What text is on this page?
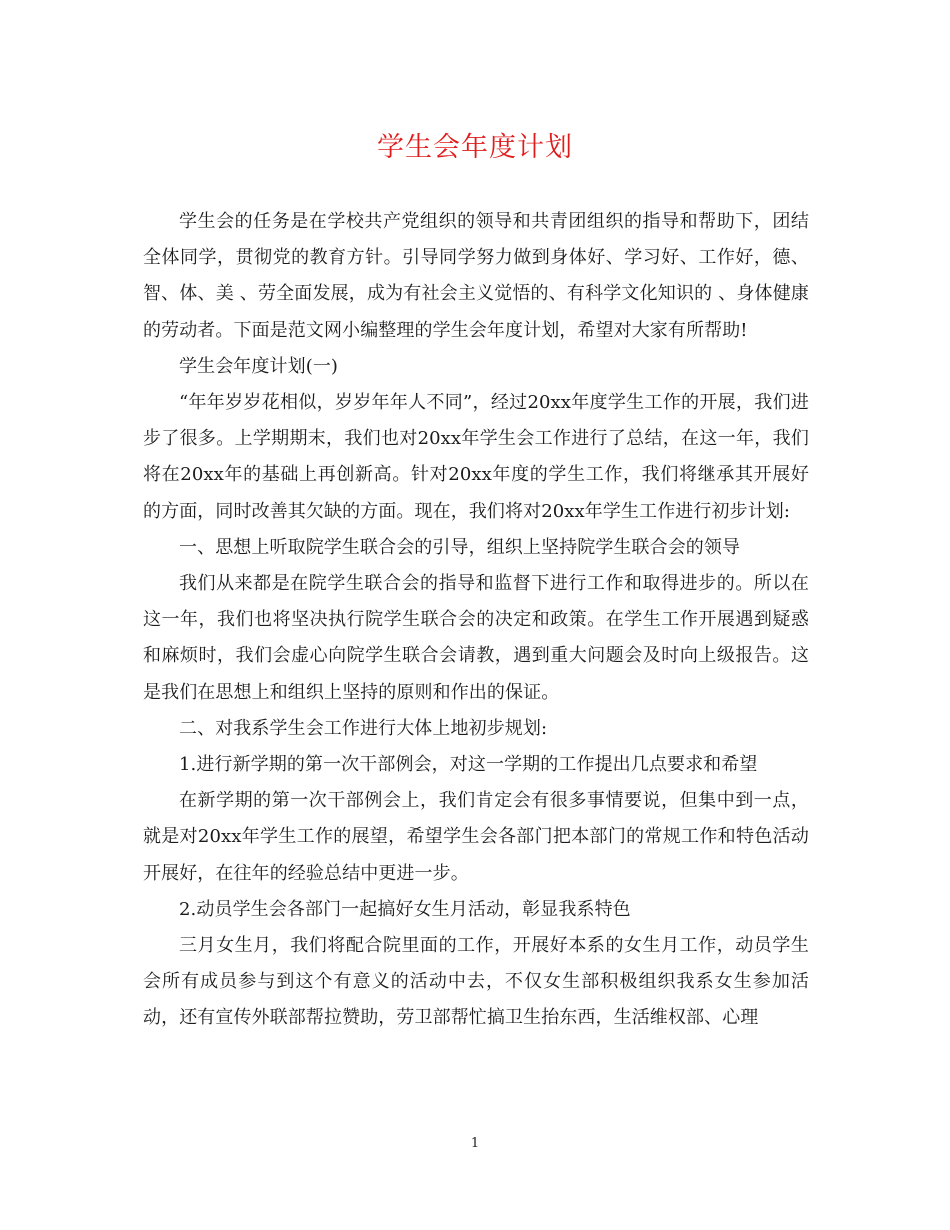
学生会年度计划

学生会的任务是在学校共产党组织的领导和共青团组织的指导和帮助下，团结全体同学，贯彻党的教育方针。引导同学努力做到身体好、学习好、工作好，德、智、体、美 、劳全面发展，成为有社会主义觉悟的、有科学文化知识的 、身体健康的劳动者。下面是范文网小编整理的学生会年度计划，希望对大家有所帮助!

学生会年度计划(一)

“年年岁岁花相似，岁岁年年人不同”，经过20xx年度学生工作的开展，我们进步了很多。上学期期末，我们也对20xx年学生会工作进行了总结，在这一年，我们将在20xx年的基础上再创新高。针对20xx年度的学生工作，我们将继承其开展好的方面，同时改善其欠缺的方面。现在，我们将对20xx年学生工作进行初步计划:

一、思想上听取院学生联合会的引导，组织上坚持院学生联合会的领导

我们从来都是在院学生联合会的指导和监督下进行工作和取得进步的。所以在这一年，我们也将坚决执行院学生联合会的决定和政策。在学生工作开展遇到疑惑和麻烦时，我们会虚心向院学生联合会请教，遇到重大问题会及时向上级报告。这是我们在思想上和组织上坚持的原则和作出的保证。

二、对我系学生会工作进行大体上地初步规划:

1.进行新学期的第一次干部例会，对这一学期的工作提出几点要求和希望

在新学期的第一次干部例会上，我们肯定会有很多事情要说，但集中到一点，就是对20xx年学生工作的展望，希望学生会各部门把本部门的常规工作和特色活动开展好，在往年的经验总结中更进一步。

2.动员学生会各部门一起搞好女生月活动，彰显我系特色

三月女生月，我们将配合院里面的工作，开展好本系的女生月工作，动员学生会所有成员参与到这个有意义的活动中去，不仅女生部积极组织我系女生参加活动，还有宣传外联部帮拉赞助，劳卫部帮忙搞卫生抬东西，生活维权部、心理

1
